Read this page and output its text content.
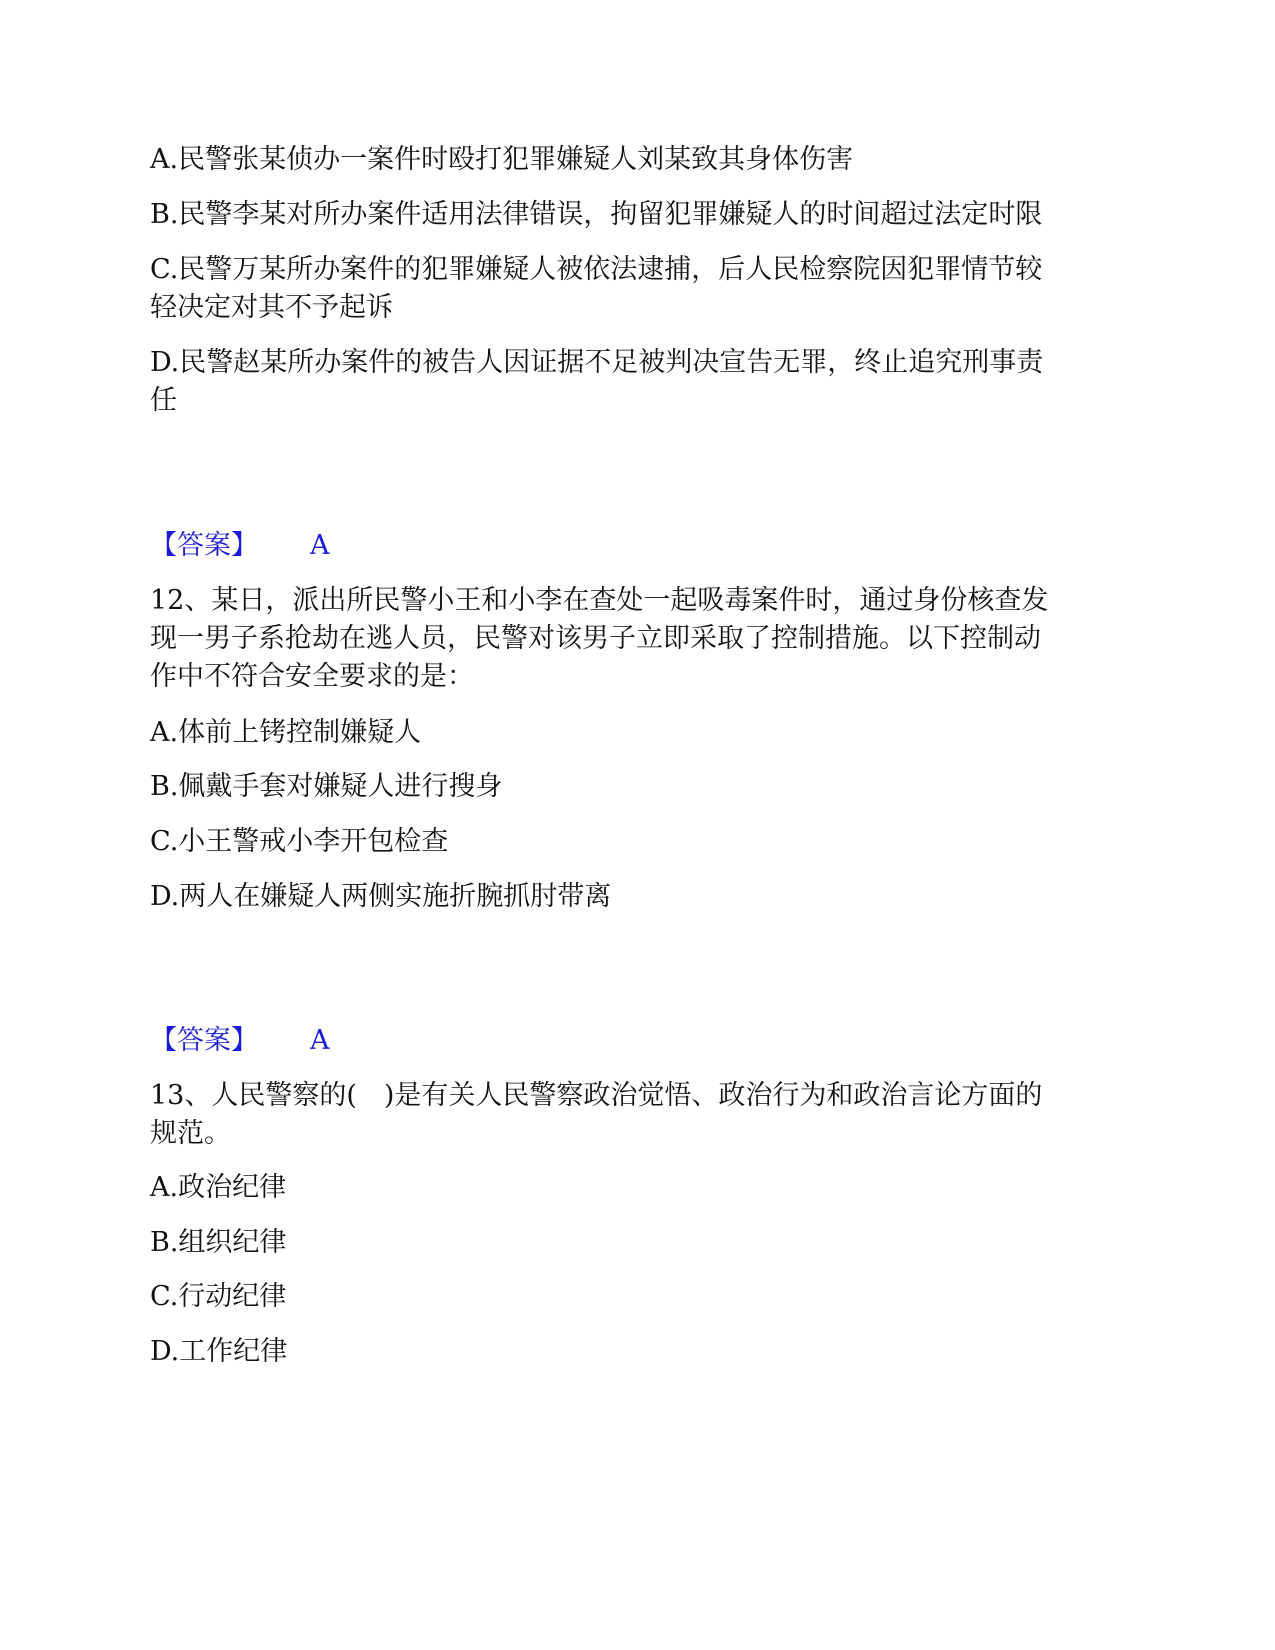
A.民警张某侦办一案件时殴打犯罪嫌疑人刘某致其身体伤害
B.民警李某对所办案件适用法律错误，拘留犯罪嫌疑人的时间超过法定时限
C.民警万某所办案件的犯罪嫌疑人被依法逮捕，后人民检察院因犯罪情节较
轻决定对其不予起诉
D.民警赵某所办案件的被告人因证据不足被判决宣告无罪，终止追究刑事责
任
【答案】 A
12、某日，派出所民警小王和小李在查处一起吸毒案件时，通过身份核查发
现一男子系抢劫在逃人员，民警对该男子立即采取了控制措施。以下控制动
作中不符合安全要求的是：
A.体前上铐控制嫌疑人
B.佩戴手套对嫌疑人进行搜身
C.小王警戒小李开包检查
D.两人在嫌疑人两侧实施折腕抓肘带离
【答案】 A
13、人民警察的(　)是有关人民警察政治觉悟、政治行为和政治言论方面的
规范。
A.政治纪律
B.组织纪律
C.行动纪律
D.工作纪律
